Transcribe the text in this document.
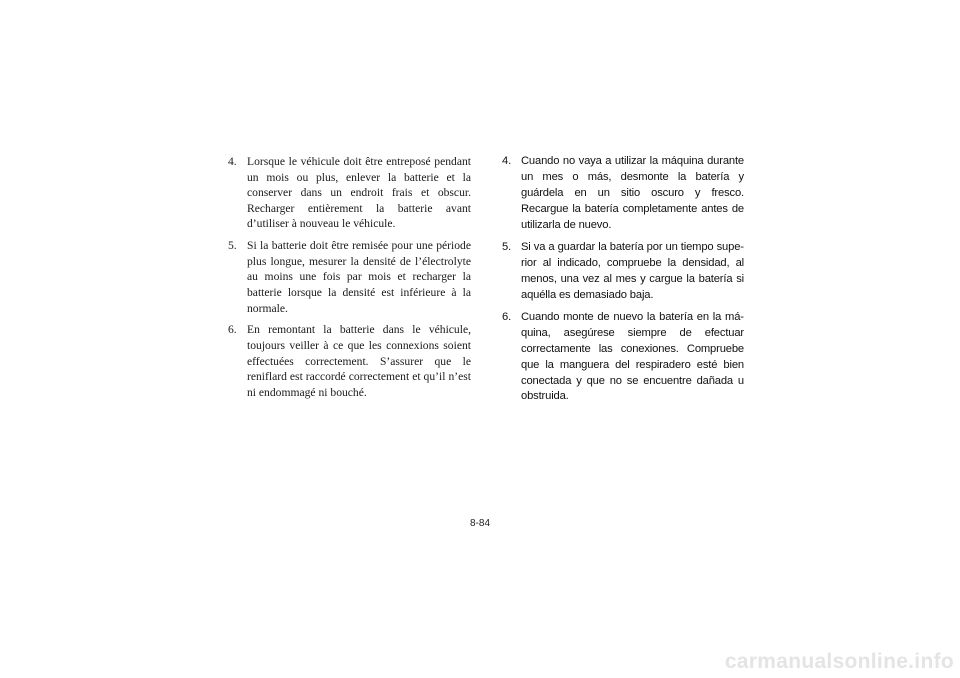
4. Lorsque le véhicule doit être entreposé pendant un mois ou plus, enlever la batterie et la conserver dans un endroit frais et obscur. Recharger entièrement la batterie avant d’utiliser à nouveau le véhicule.
5. Si la batterie doit être remisée pour une période plus longue, mesurer la densité de l’électrolyte au moins une fois par mois et recharger la batterie lorsque la densité est inférieure à la normale.
6. En remontant la batterie dans le véhicule, toujours veiller à ce que les connexions soient effectuées correctement. S’assurer que le reniflard est raccordé correctement et qu’il n’est ni endommagé ni bouché.
4. Cuando no vaya a utilizar la máquina durante un mes o más, desmonte la batería y guárdela en un sitio oscuro y fresco. Recargue la batería completamente antes de utilizarla de nuevo.
5. Si va a guardar la batería por un tiempo superior al indicado, compruebe la densidad, al menos, una vez al mes y cargue la batería si aquélla es demasiado baja.
6. Cuando monte de nuevo la batería en la máquina, asegúrese siempre de efectuar correctamente las conexiones. Compruebe que la manguera del respiradero esté bien conectada y que no se encuentre dañada u obstruida.
8-84
carmanualsonline.info
